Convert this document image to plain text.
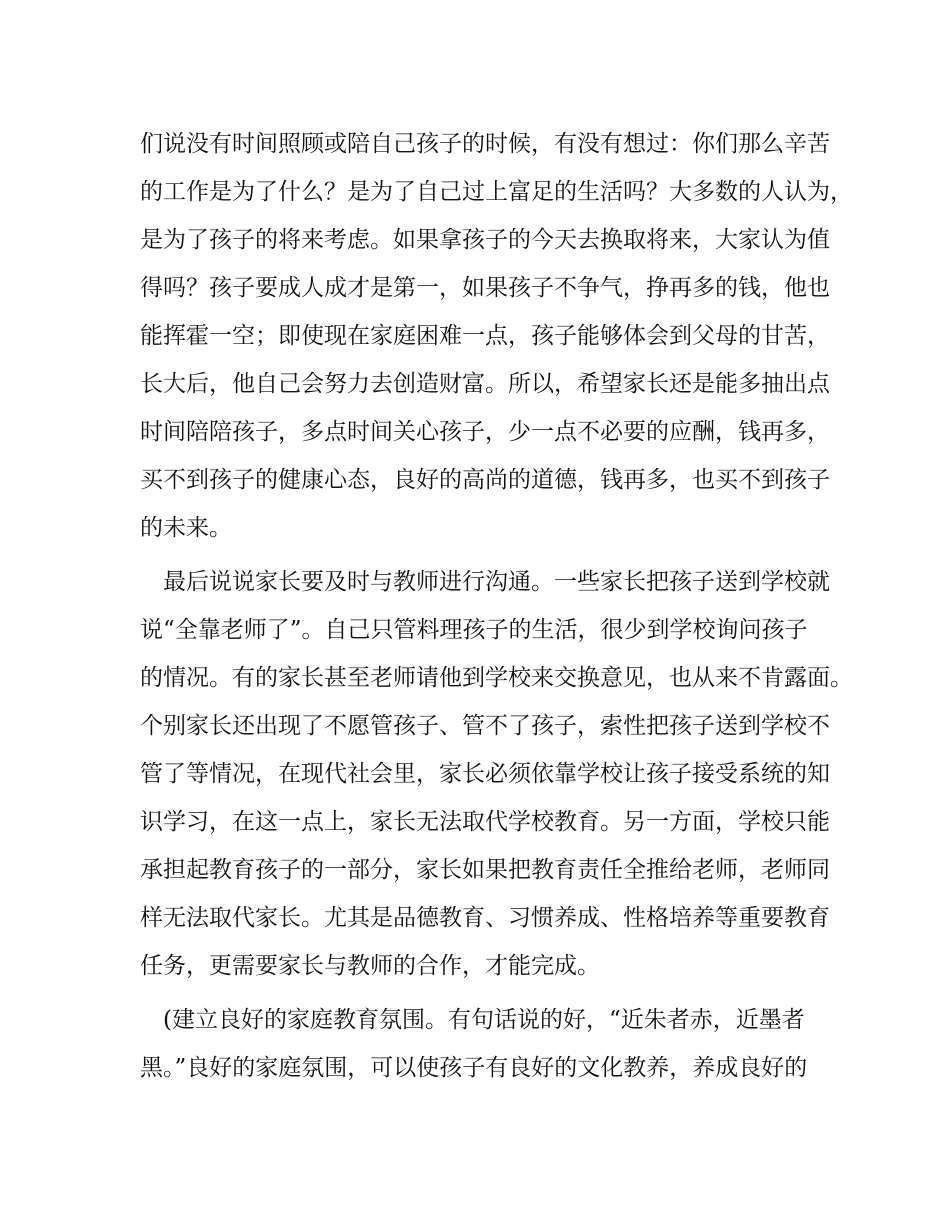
们说没有时间照顾或陪自己孩子的时候，有没有想过：你们那么辛苦
的工作是为了什么？是为了自己过上富足的生活吗？大多数的人认为，
是为了孩子的将来考虑。如果拿孩子的今天去换取将来，大家认为值
得吗？孩子要成人成才是第一，如果孩子不争气，挣再多的钱，他也
能挥霍一空；即使现在家庭困难一点，孩子能够体会到父母的甘苦，
长大后，他自己会努力去创造财富。所以，希望家长还是能多抽出点
时间陪陪孩子，多点时间关心孩子，少一点不必要的应酬，钱再多，
买不到孩子的健康心态，良好的高尚的道德，钱再多，也买不到孩子
的未来。
　最后说说家长要及时与教师进行沟通。一些家长把孩子送到学校就
说“全靠老师了”。自己只管料理孩子的生活，很少到学校询问孩子
的情况。有的家长甚至老师请他到学校来交换意见，也从来不肯露面。
个别家长还出现了不愿管孩子、管不了孩子，索性把孩子送到学校不
管了等情况，在现代社会里，家长必须依靠学校让孩子接受系统的知
识学习，在这一点上，家长无法取代学校教育。另一方面，学校只能
承担起教育孩子的一部分，家长如果把教育责任全推给老师，老师同
样无法取代家长。尤其是品德教育、习惯养成、性格培养等重要教育
任务，更需要家长与教师的合作，才能完成。
　(建立良好的家庭教育氛围。有句话说的好，“近朱者赤，近墨者
黑。”良好的家庭氛围，可以使孩子有良好的文化教养，养成良好的
